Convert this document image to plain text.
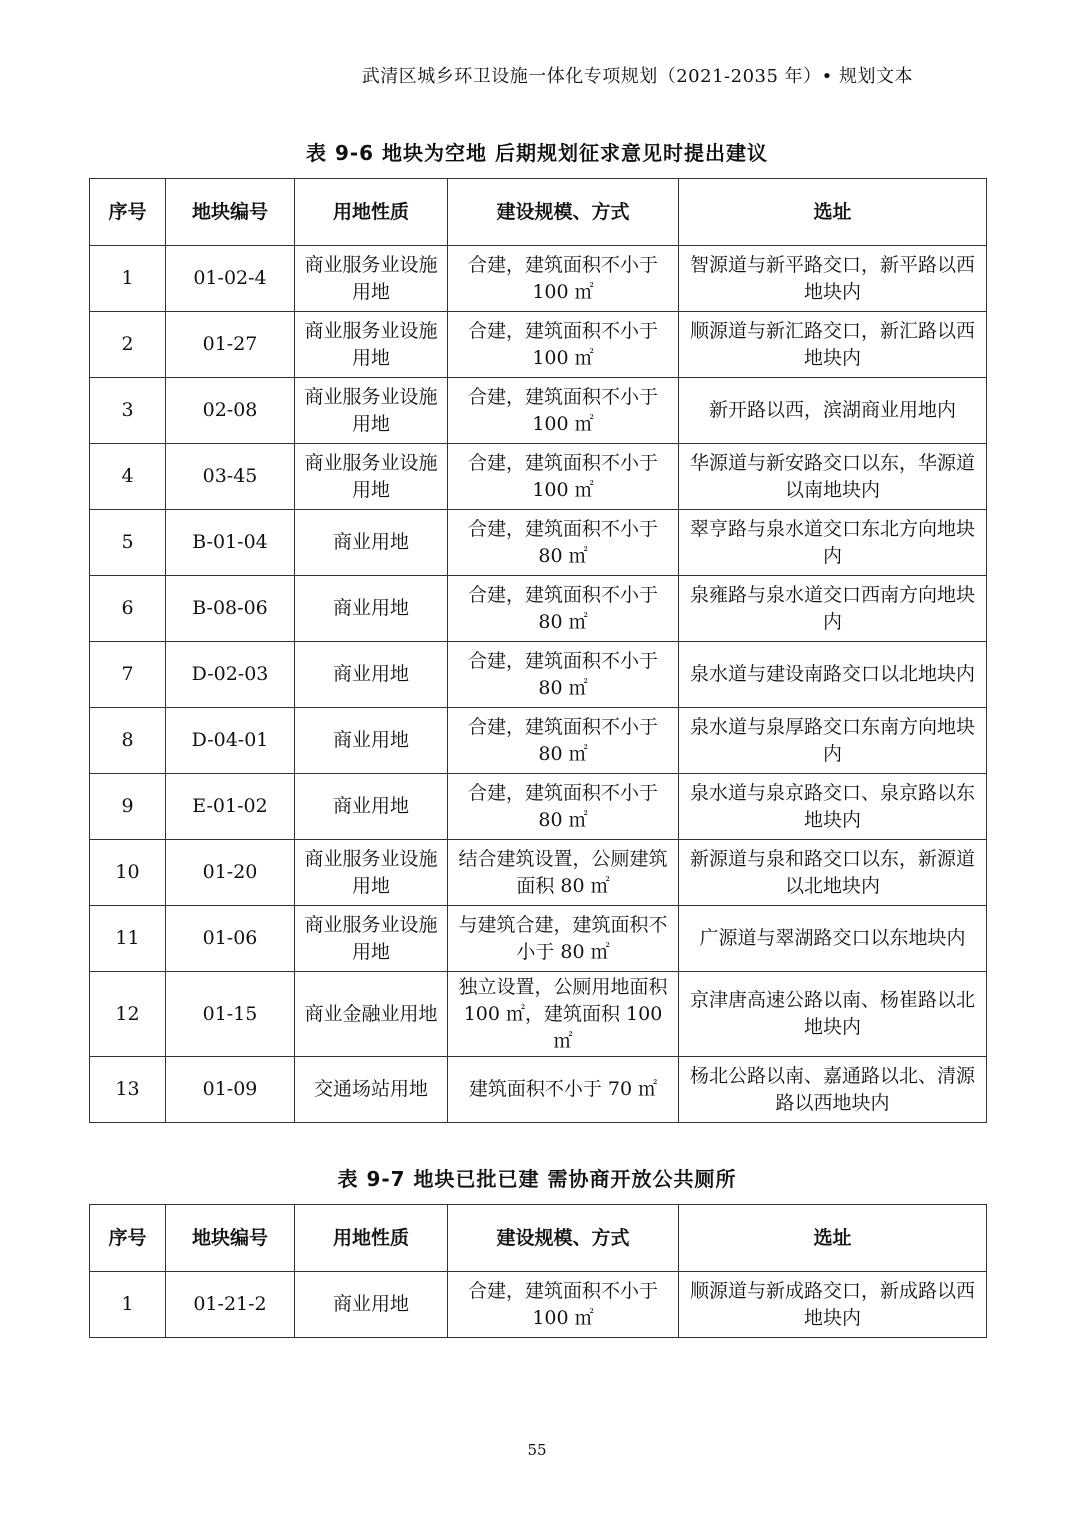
武清区城乡环卫设施一体化专项规划（2021-2035 年）• 规划文本
表 9-6 地块为空地 后期规划征求意见时提出建议
序号	地块编号	用地性质	建设规模、方式	选址
1	01-02-4	商业服务业设施用地	合建，建筑面积不小于 100 ㎡	智源道与新平路交口，新平路以西地块内
2	01-27	商业服务业设施用地	合建，建筑面积不小于 100 ㎡	顺源道与新汇路交口，新汇路以西地块内
3	02-08	商业服务业设施用地	合建，建筑面积不小于 100 ㎡	新开路以西，滨湖商业用地内
4	03-45	商业服务业设施用地	合建，建筑面积不小于 100 ㎡	华源道与新安路交口以东，华源道以南地块内
5	B-01-04	商业用地	合建，建筑面积不小于 80 ㎡	翠亨路与泉水道交口东北方向地块内
6	B-08-06	商业用地	合建，建筑面积不小于 80 ㎡	泉雍路与泉水道交口西南方向地块内
7	D-02-03	商业用地	合建，建筑面积不小于 80 ㎡	泉水道与建设南路交口以北地块内
8	D-04-01	商业用地	合建，建筑面积不小于 80 ㎡	泉水道与泉厚路交口东南方向地块内
9	E-01-02	商业用地	合建，建筑面积不小于 80 ㎡	泉水道与泉京路交口、泉京路以东地块内
10	01-20	商业服务业设施用地	结合建筑设置，公厕建筑面积 80 ㎡	新源道与泉和路交口以东，新源道以北地块内
11	01-06	商业服务业设施用地	与建筑合建，建筑面积不小于 80 ㎡	广源道与翠湖路交口以东地块内
12	01-15	商业金融业用地	独立设置，公厕用地面积 100 ㎡，建筑面积 100 ㎡	京津唐高速公路以南、杨崔路以北地块内
13	01-09	交通场站用地	建筑面积不小于 70 ㎡	杨北公路以南、嘉通路以北、清源路以西地块内
表 9-7 地块已批已建 需协商开放公共厕所
序号	地块编号	用地性质	建设规模、方式	选址
1	01-21-2	商业用地	合建，建筑面积不小于 100 ㎡	顺源道与新成路交口，新成路以西地块内
55
